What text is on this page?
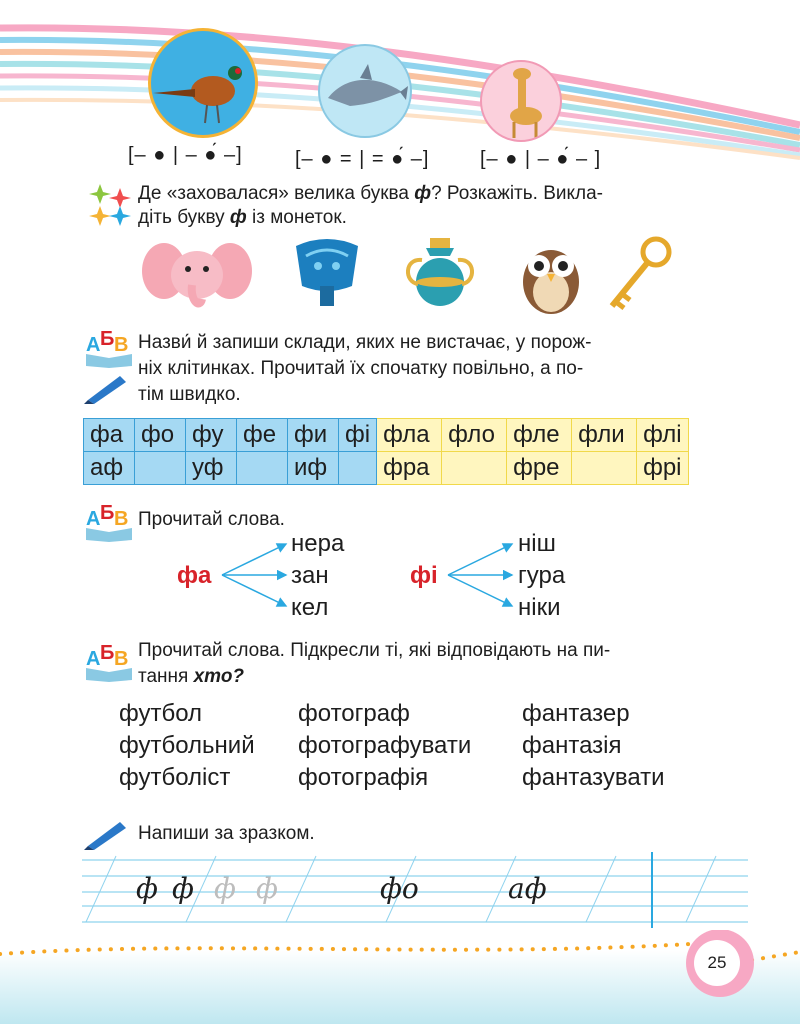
[– ● | – ●́ –]	[– ● = | = ●́ –]	[– ● | – ●́ – ]
Де «заховалася» велика буква ф? Розкажіть. Викла-
діть букву ф із монеток.
А Б В Назви́ й запиши склади, яких не вистачає, у порож-
ніх клітинках. Прочитай їх спочатку повільно, а по-
тім швидко.
фа	фо	фу	фе	фи	фі	фла	фло	фле	фли	флі
аф		уф		иф		фра		фре		фрі
А Б В Прочитай слова.
фа
нера
зан
кел
фі
ніш
гура
ніки
А Б В Прочитай слова. Підкресли ті, які відповідають на пи-
тання хто?
футбол
футбольний
футболіст
фотограф
фотографувати
фотографія
фантазер
фантазія
фантазувати
Напиши за зразком.
ф ф ф ф	фо	аф
25
